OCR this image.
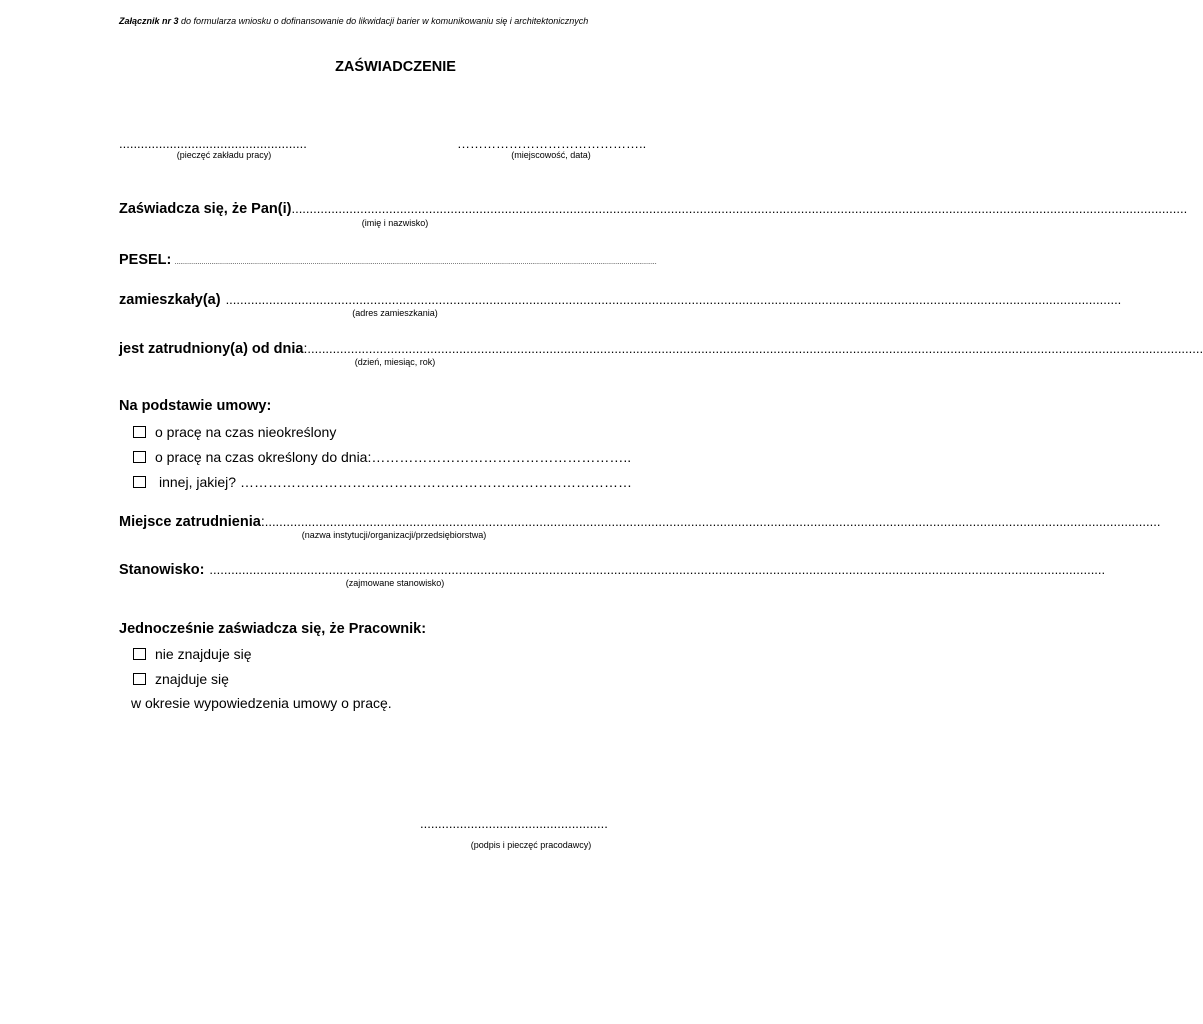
Załącznik nr 3 do formularza wniosku o dofinansowanie do likwidacji barier w komunikowaniu się i architektonicznych
ZAŚWIADCZENIE
....................................................
(pieczęć zakładu pracy)
……………………………………..
(miejscowość, data)
Zaświadcza się, że Pan(i) ........................................................................................................................................................................................................................................................
(imię i nazwisko)
PESEL: ........................................................................................................................................................................................................................................................
zamieszkały(a) ........................................................................................................................................................................................................................................................
(adres zamieszkania)
jest zatrudniony(a) od dnia : ........................................................................................................................................................................................................................................................
(dzień, miesiąc, rok)
Na podstawie umowy:
o pracę na czas nieokreślony
o pracę na czas określony do dnia:………………………………………………..
innej, jakiej? …………………………………………………………………………
Miejsce zatrudnienia : ........................................................................................................................................................................................................................................................
(nazwa instytucji/organizacji/przedsiębiorstwa)
Stanowisko: ........................................................................................................................................................................................................................................................
(zajmowane stanowisko)
Jednocześnie zaświadcza się, że Pracownik:
nie znajduje się
znajduje się
w okresie wypowiedzenia umowy o pracę.
....................................................
(podpis i pieczęć pracodawcy)
